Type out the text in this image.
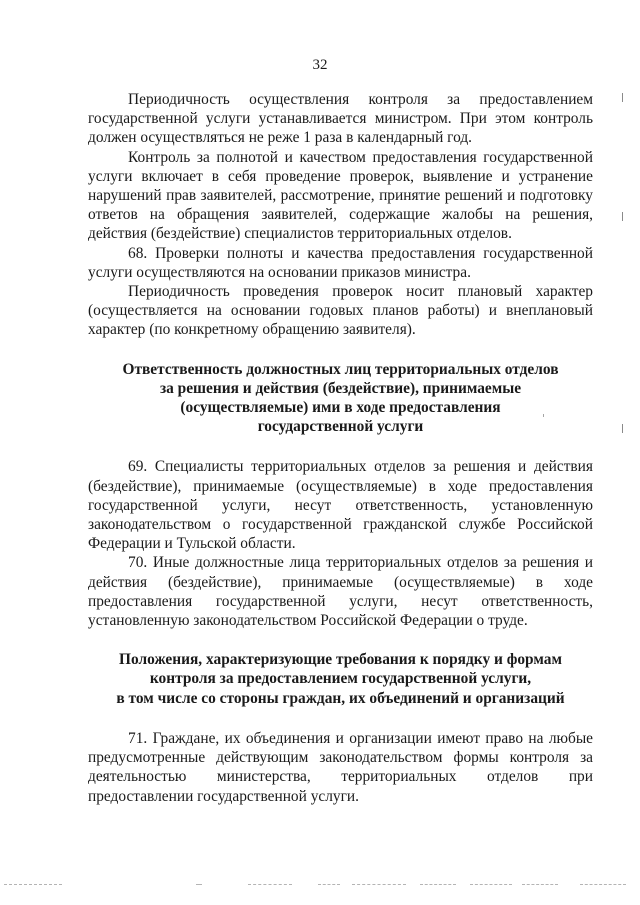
32

Периодичность осуществления контроля за предоставлением государственной услуги устанавливается министром. При этом контроль должен осуществляться не реже 1 раза в календарный год.

Контроль за полнотой и качеством предоставления государственной услуги включает в себя проведение проверок, выявление и устранение нарушений прав заявителей, рассмотрение, принятие решений и подготовку ответов на обращения заявителей, содержащие жалобы на решения, действия (бездействие) специалистов территориальных отделов.

68. Проверки полноты и качества предоставления государственной услуги осуществляются на основании приказов министра.

Периодичность проведения проверок носит плановый характер (осуществляется на основании годовых планов работы) и внеплановый характер (по конкретному обращению заявителя).

Ответственность должностных лиц территориальных отделов

за решения и действия (бездействие), принимаемые

(осуществляемые) ими в ходе предоставления

государственной услуги

69. Специалисты территориальных отделов за решения и действия (бездействие), принимаемые (осуществляемые) в ходе предоставления государственной услуги, несут ответственность, установленную законодательством о государственной гражданской службе Российской Федерации и Тульской области.

70. Иные должностные лица территориальных отделов за решения и действия (бездействие), принимаемые (осуществляемые) в ходе предоставления государственной услуги, несут ответственность, установленную законодательством Российской Федерации о труде.

Положения, характеризующие требования к порядку и формам

контроля за предоставлением государственной услуги,

в том числе со стороны граждан, их объединений и организаций

71. Граждане, их объединения и организации имеют право на любые предусмотренные действующим законодательством формы контроля за деятельностью министерства, территориальных отделов при предоставлении государственной услуги.
